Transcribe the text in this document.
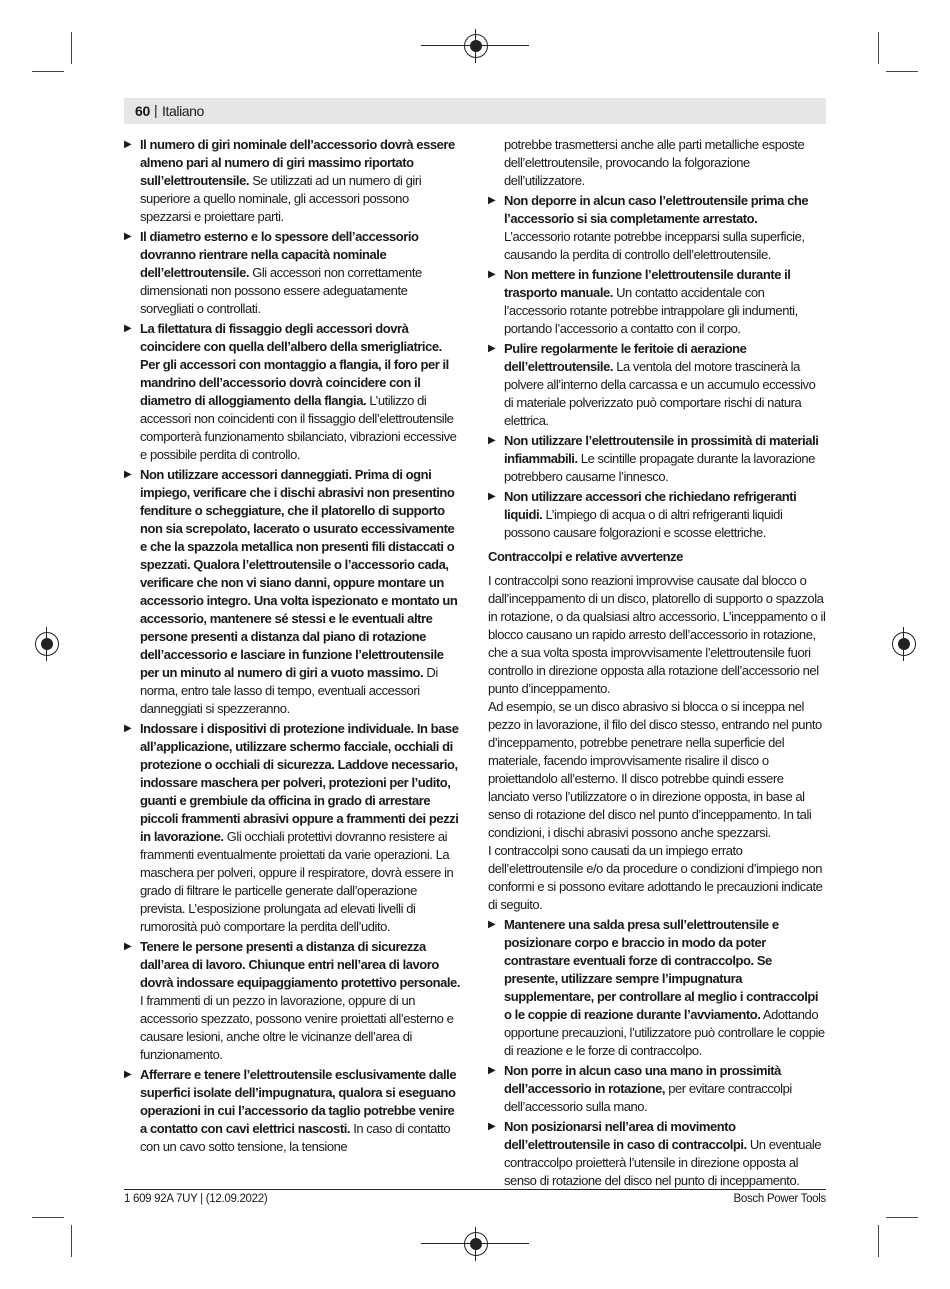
60 | Italiano
▶ Il numero di giri nominale dell’accessorio dovrà essere almeno pari al numero di giri massimo riportato sull’elettroutensile. Se utilizzati ad un numero di giri superiore a quello nominale, gli accessori possono spezzarsi e proiettare parti.

▶ Il diametro esterno e lo spessore dell’accessorio dovranno rientrare nella capacità nominale dell’elettroutensile. Gli accessori non correttamente dimensionati non possono essere adeguatamente sorvegliati o controllati.

▶ La filettatura di fissaggio degli accessori dovrà coincidere con quella dell’albero della smerigliatrice. Per gli accessori con montaggio a flangia, il foro per il mandrino dell’accessorio dovrà coincidere con il diametro di alloggiamento della flangia. L’utilizzo di accessori non coincidenti con il fissaggio dell’elettroutensile comporterà funzionamento sbilanciato, vibrazioni eccessive e possibile perdita di controllo.

▶ Non utilizzare accessori danneggiati. Prima di ogni impiego, verificare che i dischi abrasivi non presentino fenditure o scheggiature, che il platorello di supporto non sia screpolato, lacerato o usurato eccessivamente e che la spazzola metallica non presenti fili distaccati o spezzati. Qualora l’elettroutensile o l’accessorio cada, verificare che non vi siano danni, oppure montare un accessorio integro. Una volta ispezionato e montato un accessorio, mantenere sé stessi e le eventuali altre persone presenti a distanza dal piano di rotazione dell’accessorio e lasciare in funzione l’elettroutensile per un minuto al numero di giri a vuoto massimo. Di norma, entro tale lasso di tempo, eventuali accessori danneggiati si spezzeranno.

▶ Indossare i dispositivi di protezione individuale. In base all’applicazione, utilizzare schermo facciale, occhiali di protezione o occhiali di sicurezza. Laddove necessario, indossare maschera per polveri, protezioni per l’udito, guanti e grembiule da officina in grado di arrestare piccoli frammenti abrasivi oppure a frammenti dei pezzi in lavorazione. Gli occhiali protettivi dovranno resistere ai frammenti eventualmente proiettati da varie operazioni. La maschera per polveri, oppure il respiratore, dovrà essere in grado di filtrare le particelle generate dall’operazione prevista. L’esposizione prolungata ad elevati livelli di rumorosità può comportare la perdita dell’udito.

▶ Tenere le persone presenti a distanza di sicurezza dall’area di lavoro. Chiunque entri nell’area di lavoro dovrà indossare equipaggiamento protettivo personale. I frammenti di un pezzo in lavorazione, oppure di un accessorio spezzato, possono venire proiettati all’esterno e causare lesioni, anche oltre le vicinanze dell’area di funzionamento.

▶ Afferrare e tenere l’elettroutensile esclusivamente dalle superfici isolate dell’impugnatura, qualora si eseguano operazioni in cui l’accessorio da taglio potrebbe venire a contatto con cavi elettrici nascosti. In caso di contatto con un cavo sotto tensione, la tensione

potrebbe trasmettersi anche alle parti metalliche esposte dell’elettroutensile, provocando la folgorazione dell’utilizzatore.

▶ Non deporre in alcun caso l’elettroutensile prima che l’accessorio si sia completamente arrestato. L’accessorio rotante potrebbe incepparsi sulla superficie, causando la perdita di controllo dell’elettroutensile.

▶ Non mettere in funzione l’elettroutensile durante il trasporto manuale. Un contatto accidentale con l’accessorio rotante potrebbe intrappolare gli indumenti, portando l’accessorio a contatto con il corpo.

▶ Pulire regolarmente le feritoie di aerazione dell’elettroutensile. La ventola del motore trascinerà la polvere all’interno della carcassa e un accumulo eccessivo di materiale polverizzato può comportare rischi di natura elettrica.

▶ Non utilizzare l’elettroutensile in prossimità di materiali infiammabili. Le scintille propagate durante la lavorazione potrebbero causarne l’innesco.

▶ Non utilizzare accessori che richiedano refrigeranti liquidi. L’impiego di acqua o di altri refrigeranti liquidi possono causare folgorazioni e scosse elettriche.

Contraccolpi e relative avvertenze

I contraccolpi sono reazioni improvvise causate dal blocco o dall’inceppamento di un disco, platorello di supporto o spazzola in rotazione, o da qualsiasi altro accessorio. L’inceppamento o il blocco causano un rapido arresto dell’accessorio in rotazione, che a sua volta sposta improvvisamente l’elettroutensile fuori controllo in direzione opposta alla rotazione dell’accessorio nel punto d’inceppamento.

Ad esempio, se un disco abrasivo si blocca o si inceppa nel pezzo in lavorazione, il filo del disco stesso, entrando nel punto d’inceppamento, potrebbe penetrare nella superficie del materiale, facendo improvvisamente risalire il disco o proiettandolo all’esterno. Il disco potrebbe quindi essere lanciato verso l’utilizzatore o in direzione opposta, in base al senso di rotazione del disco nel punto d’inceppamento. In tali condizioni, i dischi abrasivi possono anche spezzarsi.

I contraccolpi sono causati da un impiego errato dell’elettroutensile e/o da procedure o condizioni d’impiego non conformi e si possono evitare adottando le precauzioni indicate di seguito.

▶ Mantenere una salda presa sull’elettroutensile e posizionare corpo e braccio in modo da poter contrastare eventuali forze di contraccolpo. Se presente, utilizzare sempre l’impugnatura supplementare, per controllare al meglio i contraccolpi o le coppie di reazione durante l’avviamento. Adottando opportune precauzioni, l’utilizzatore può controllare le coppie di reazione e le forze di contraccolpo.

▶ Non porre in alcun caso una mano in prossimità dell’accessorio in rotazione, per evitare contraccolpi dell’accessorio sulla mano.

▶ Non posizionarsi nell’area di movimento dell’elettroutensile in caso di contraccolpi. Un eventuale contraccolpo proietterà l’utensile in direzione opposta al senso di rotazione del disco nel punto di inceppamento.

1 609 92A 7UY | (12.09.2022)	Bosch Power Tools
